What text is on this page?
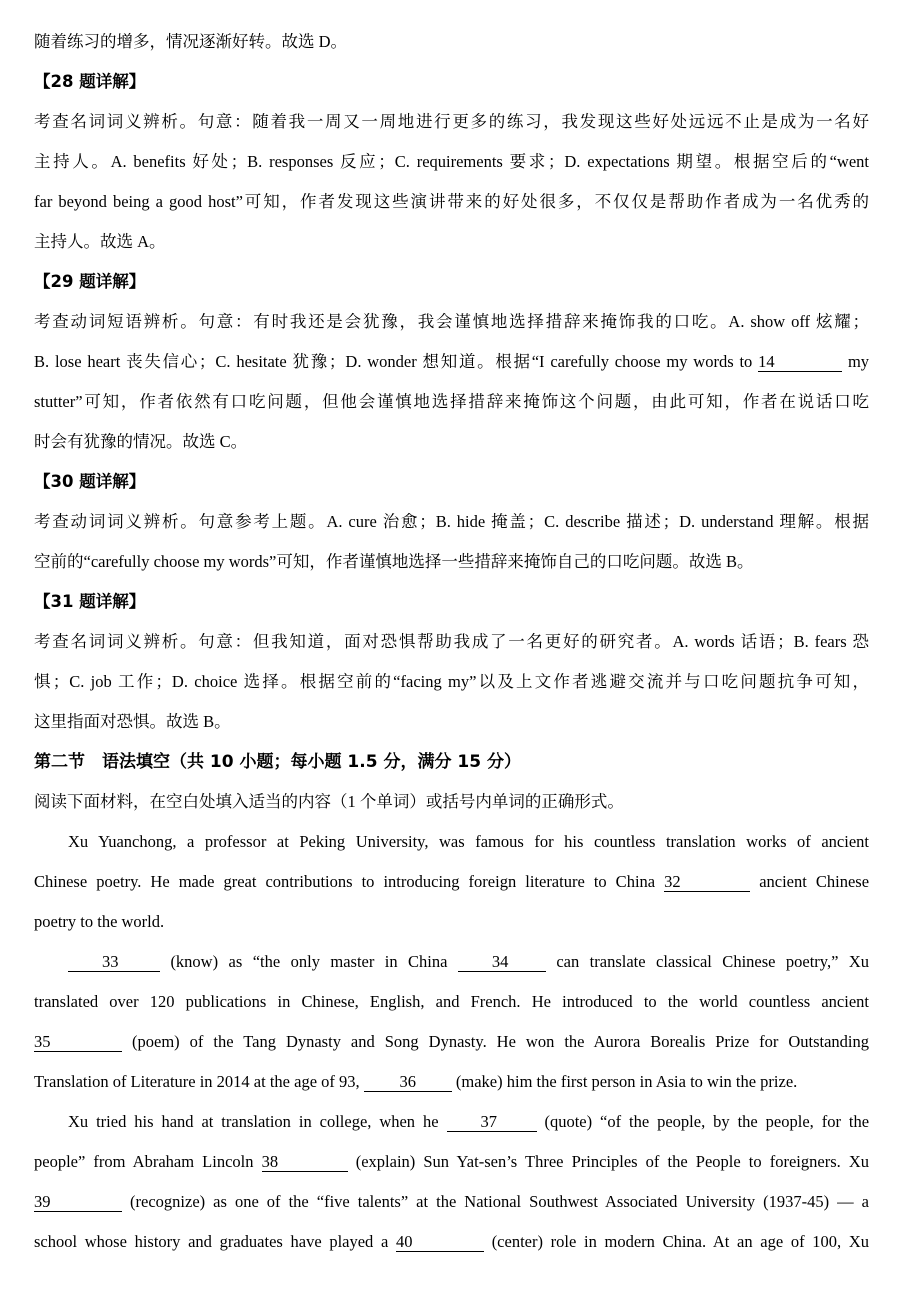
随着练习的增多，情况逐渐好转。故选 D。
【28 题详解】
考查名词词义辨析。句意：随着我一周又一周地进行更多的练习，我发现这些好处远远不止是成为一名好
主持人。A. benefits 好处；B. responses 反应；C. requirements 要求；D. expectations 期望。根据空后的“went
far beyond being a good host”可知，作者发现这些演讲带来的好处很多，不仅仅是帮助作者成为一名优秀的
主持人。故选 A。
【29 题详解】
考查动词短语辨析。句意：有时我还是会犹豫，我会谨慎地选择措辞来掩饰我的口吃。A. show off 炫耀；
B. lose heart 丧失信心；C. hesitate 犹豫；D. wonder 想知道。根据“I carefully choose my words to 14	my
stutter”可知，作者依然有口吃问题，但他会谨慎地选择措辞来掩饰这个问题，由此可知，作者在说话口吃
时会有犹豫的情况。故选 C。
【30 题详解】
考查动词词义辨析。句意参考上题。A. cure 治愈；B. hide 掩盖；C. describe 描述；D. understand 理解。根据
空前的“carefully choose my words”可知，作者谨慎地选择一些措辞来掩饰自己的口吃问题。故选 B。
【31 题详解】
考查名词词义辨析。句意：但我知道，面对恐惧帮助我成了一名更好的研究者。A. words 话语；B. fears 恐
惧；C. job 工作；D. choice 选择。根据空前的“facing my”以及上文作者逃避交流并与口吃问题抗争可知，
这里指面对恐惧。故选 B。
第二节　语法填空（共 10 小题；每小题 1.5 分，满分 15 分）
阅读下面材料，在空白处填入适当的内容（1 个单词）或括号内单词的正确形式。
Xu Yuanchong, a professor at Peking University, was famous for his countless translation works of ancient
Chinese poetry. He made great contributions to introducing foreign literature to China 32	ancient Chinese
poetry to the world.
33	(know) as “the only master in China	34	can translate classical Chinese poetry,” Xu
translated over 120 publications in Chinese, English, and French. He introduced to the world countless ancient
35	(poem) of the Tang Dynasty and Song Dynasty. He won the Aurora Borealis Prize for Outstanding
Translation of Literature in 2014 at the age of 93, 36 (make) him the first person in Asia to win the prize.
Xu tried his hand at translation in college, when he	37	(quote) “of the people, by the people, for the
people” from Abraham Lincoln 38	(explain) Sun Yat-sen’s Three Principles of the People to foreigners. Xu
39	(recognize) as one of the “five talents” at the National Southwest Associated University (1937-45) — a
school whose history and graduates have played a 40	(center) role in modern China. At an age of 100, Xu
